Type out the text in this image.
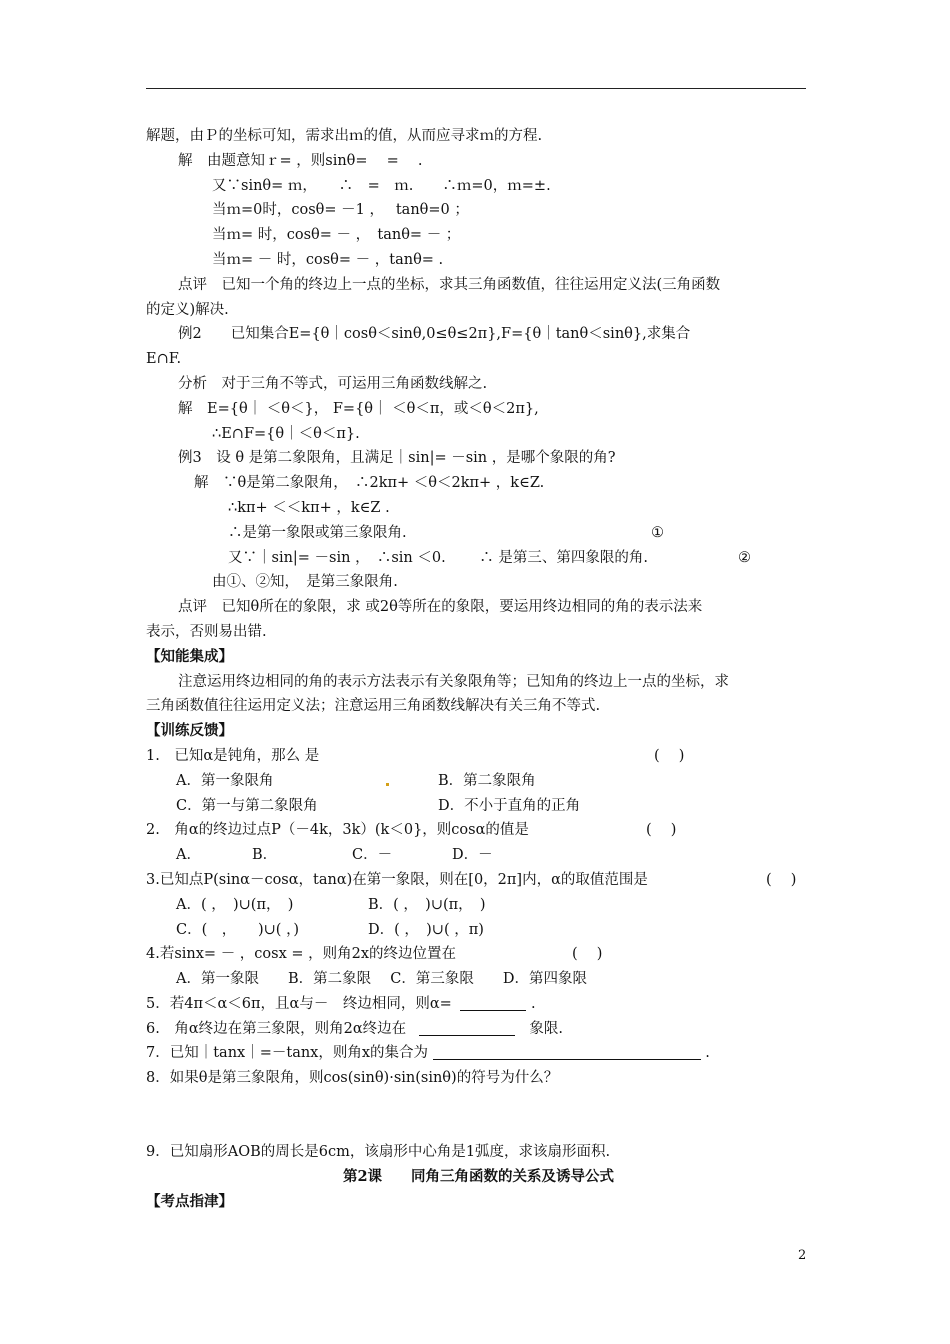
解题，由Ｐ的坐标可知，需求出ｍ的值，从而应寻求ｍ的方程.
解　由题意知ｒ= ，则sinθ= 　= 　.
又∵sinθ= ｍ，　　∴　=　ｍ.　　∴ｍ=0，ｍ=±.
当ｍ=0时，cosθ= －1 ，　 tanθ=0 ；
当ｍ= 时，cosθ= － ，　tanθ= － ；
当ｍ= － 时，cosθ= － ，tanθ= .
点评　已知一个角的终边上一点的坐标，求其三角函数值，往往运用定义法(三角函数
的定义)解决.
例2　　已知集合E={θ｜cosθ＜sinθ,0≤θ≤2π},F={θ｜tanθ＜sinθ},求集合
E∩F.
分析　对于三角不等式，可运用三角函数线解之.
解　E={θ｜ ＜θ＜}， F={θ｜ ＜θ＜π，或＜θ＜2π},
∴E∩F={θ｜＜θ＜π}.
例3　设 θ 是第二象限角，且满足｜sin|= －sin ，是哪个象限的角?
解　∵θ是第二象限角，　∴2kπ+ ＜θ＜2kπ+ ，k∈Z.
∴kπ+ ＜＜kπ+ ，k∈Z .
∴是第一象限或第三象限角.	①
又∵｜sin|= －sin ，　∴sin ＜0.　　 ∴ 是第三、第四象限的角.	②
由①、②知，　是第三象限角.
点评　已知θ所在的象限，求 或2θ等所在的象限，要运用终边相同的角的表示法来
表示，否则易出错.
【知能集成】
注意运用终边相同的角的表示方法表示有关象限角等；已知角的终边上一点的坐标，求
三角函数值往往运用定义法；注意运用三角函数线解决有关三角不等式.
【训练反馈】
1.　已知α是钝角，那么 是	(　 )
A．第一象限角	B．第二象限角
C．第一与第二象限角	D．不小于直角的正角
2.　角α的终边过点P（－4k，3k）(k＜0}，则cosα的值是	(　 )
A．	B．	C．－	D．－
3.已知点P(sinα－cosα，tanα)在第一象限，则在[0，2π]内，α的取值范围是	(　 )
A．( ，　)∪(π，　)	B．( ，　)∪(π，　)
C．(　，　　)∪( ，)	D．( ，　)∪( ，π)
4.若sinx= － ，cosx = ，则角2x的终边位置在	(　 )
A．第一象限　　B．第二象限　 C．第三象限　　D．第四象限
5．若4π＜α＜6π，且α与－　终边相同，则α=	.
6.　角α终边在第三象限，则角2α终边在	象限.
7．已知｜tanx｜=－tanx，则角x的集合为	.
8．如果θ是第三象限角，则cos(sinθ)·sin(sinθ)的符号为什么？
9．已知扇形AOB的周长是6cm，该扇形中心角是1弧度，求该扇形面积.
第2课　　同角三角函数的关系及诱导公式
【考点指津】
2
